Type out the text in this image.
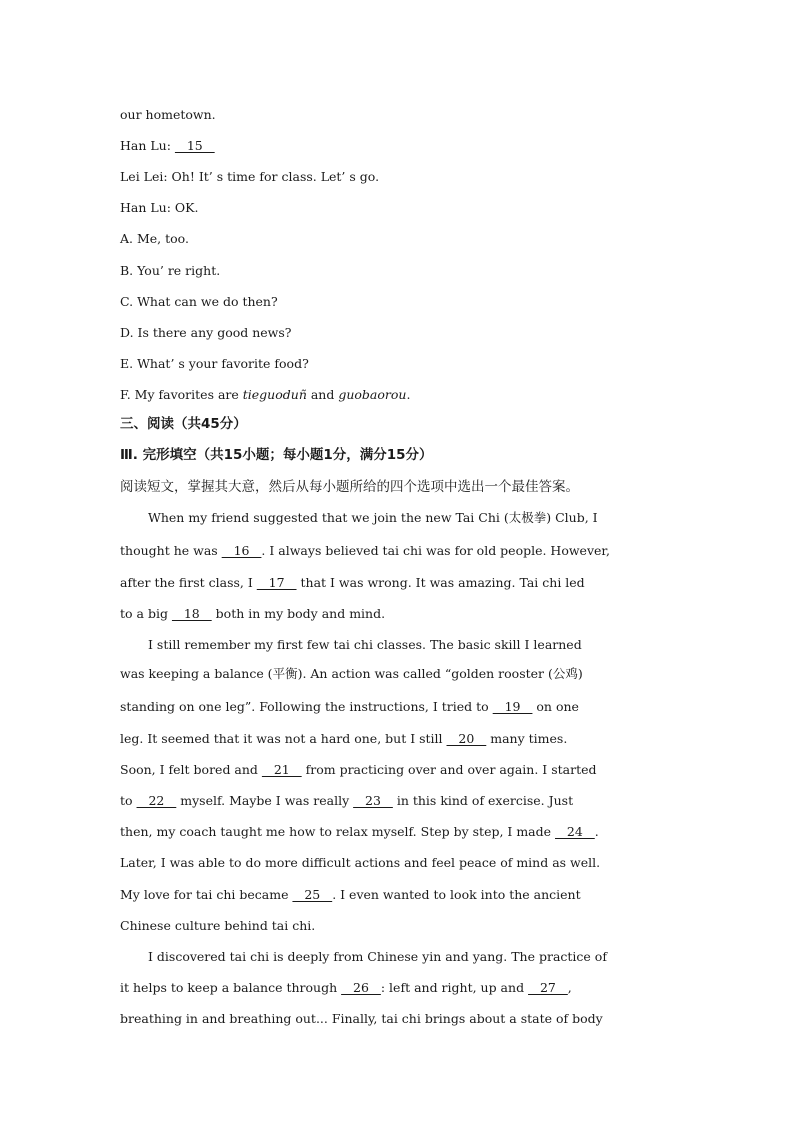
our hometown.
Han Lu:    15
Lei Lei: Oh! It’ s time for class. Let’ s go.
Han Lu: OK.
A. Me, too.
B. You’ re right.
C. What can we do then?
D. Is there any good news?
E. What’ s your favorite food?
F. My favorites are tieguoduñ and guobaorou.
三、阅读（共45分）
Ⅲ. 完形填空（共15小题；每小题1分，满分15分）
阅读短文，掌握其大意，然后从每小题所给的四个选项中选出一个最佳答案。
When my friend suggested that we join the new Tai Chi (太极拳) Club, I
thought he was    16   . I always believed tai chi was for old people. However,
after the first class, I    17    that I was wrong. It was amazing. Tai chi led
to a big    18    both in my body and mind.
I still remember my first few tai chi classes. The basic skill I learned
was keeping a balance (平衡). An action was called “golden rooster (公鸡)
standing on one leg”. Following the instructions, I tried to    19    on one
leg. It seemed that it was not a hard one, but I still    20    many times.
Soon, I felt bored and    21    from practicing over and over again. I started
to    22    myself. Maybe I was really    23    in this kind of exercise. Just
then, my coach taught me how to relax myself. Step by step, I made    24   .
Later, I was able to do more difficult actions and feel peace of mind as well.
My love for tai chi became    25   . I even wanted to look into the ancient
Chinese culture behind tai chi.
I discovered tai chi is deeply from Chinese yin and yang. The practice of
it helps to keep a balance through    26   : left and right, up and    27   ,
breathing in and breathing out... Finally, tai chi brings about a state of body
